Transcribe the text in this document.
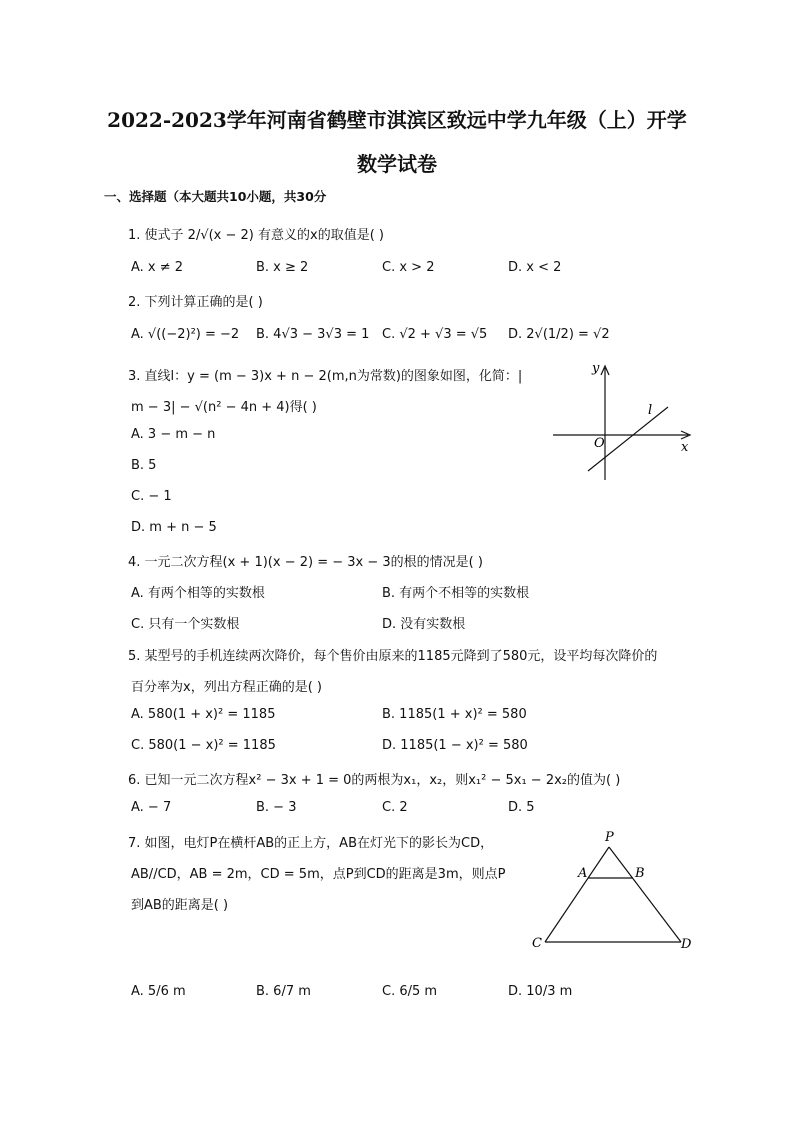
2022-2023学年河南省鹤壁市淇滨区致远中学九年级（上）开学
数学试卷
一、选择题（本大题共10小题，共30分
1. 使式子 2/√(x − 2) 有意义的x的取值是( )
A. x ≠ 2	B. x ≥ 2	C. x > 2	D. x < 2
2. 下列计算正确的是( )
A. √((−2)²) = −2 B. 4√3 − 3√3 = 1 C. √2 + √3 = √5 D. 2√(1/2) = √2
3. 直线l：y = (m − 3)x + n − 2(m,n为常数)的图象如图，化简：|
m − 3| − √(n² − 4n + 4)得( )
A. 3 − m − n
B. 5
C. − 1
D. m + n − 5
y
x
O
l
4. 一元二次方程(x + 1)(x − 2) = − 3x − 3的根的情况是( )
A. 有两个相等的实数根	B. 有两个不相等的实数根
C. 只有一个实数根	D. 没有实数根
5. 某型号的手机连续两次降价，每个售价由原来的1185元降到了580元，设平均每次降价的
百分率为x，列出方程正确的是( )
A. 580(1 + x)² = 1185	B. 1185(1 + x)² = 580
C. 580(1 − x)² = 1185	D. 1185(1 − x)² = 580
6. 已知一元二次方程x² − 3x + 1 = 0的两根为x₁，x₂，则x₁² − 5x₁ − 2x₂的值为( )
A. − 7	B. − 3	C. 2	D. 5
7. 如图，电灯P在横杆AB的正上方，AB在灯光下的影长为CD，
AB//CD，AB = 2m，CD = 5m，点P到CD的距离是3m，则点P
到AB的距离是( )
P
A	B
C	D
A. 5/6 m	B. 6/7 m	C. 6/5 m	D. 10/3 m
